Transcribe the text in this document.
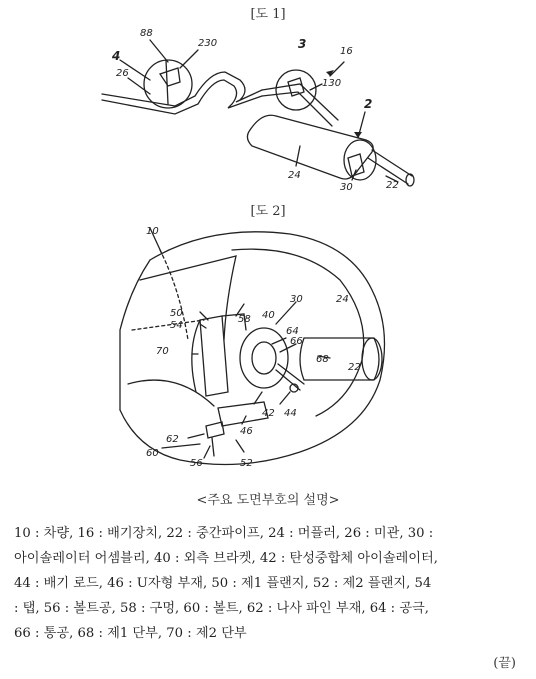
[도 1]
88
230	3
16
4
26
130
2
24
30	22
[도 2]
10
30	24
58 40
50
54
64
66
68
22
70
42 44
46
62
60
56	52
<주요 도면부호의 설명>
10 : 차량, 16 : 배기장치, 22 : 중간파이프, 24 : 머플러, 26 : 미관, 30 :
아이솔레이터 어셈블리, 40 : 외측 브라켓, 42 : 탄성중합체 아이솔레이터,
44 : 배기 로드, 46 : U자형 부재, 50 : 제1 플랜지, 52 : 제2 플랜지, 54
: 탭, 56 : 볼트공, 58 : 구멍, 60 : 볼트, 62 : 나사 파인 부재, 64 : 공극,
66 : 통공, 68 : 제1 단부, 70 : 제2 단부
(끝)
